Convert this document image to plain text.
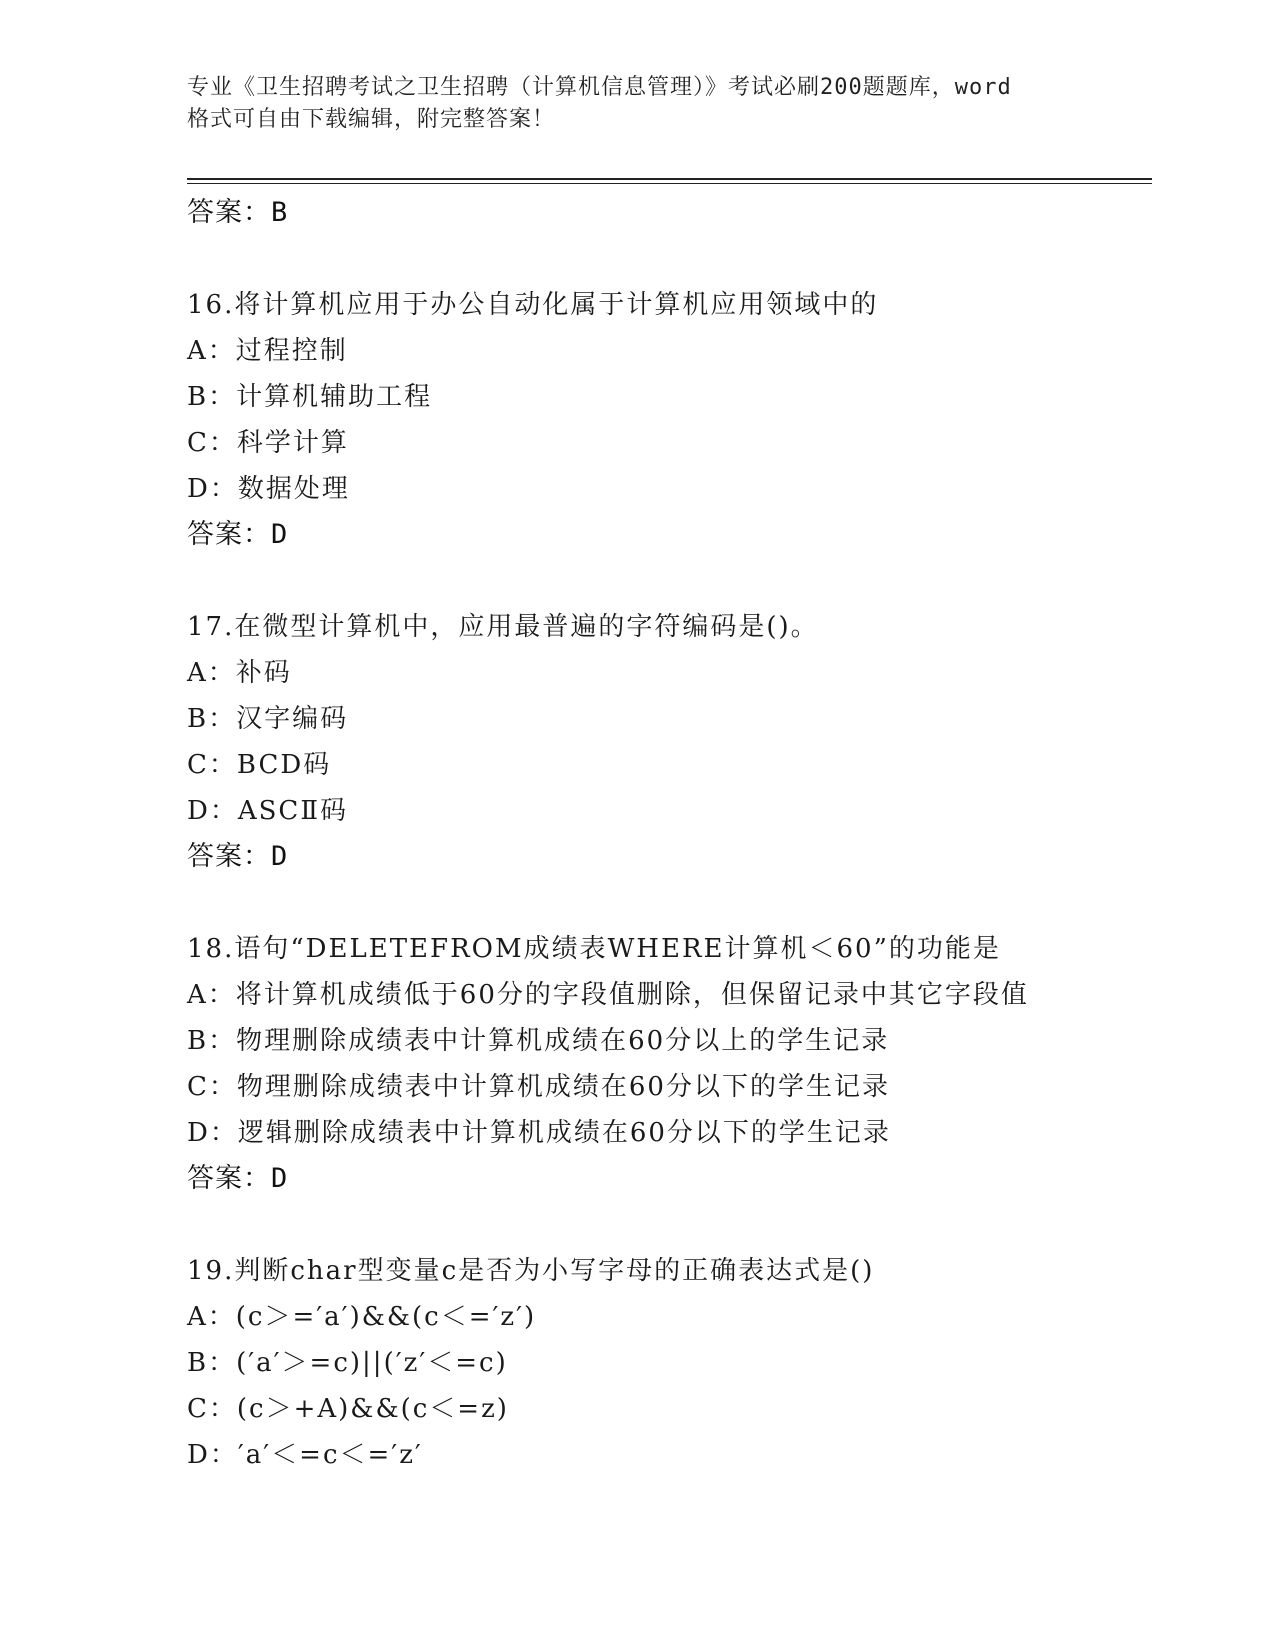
专业《卫生招聘考试之卫生招聘（计算机信息管理）》考试必刷200题题库，word

格式可自由下载编辑，附完整答案！

答案：B
16.将计算机应用于办公自动化属于计算机应用领域中的
A：过程控制
B：计算机辅助工程
C：科学计算
D：数据处理
答案：D
17.在微型计算机中，应用最普遍的字符编码是()。
A：补码
B：汉字编码
C：BCD码
D：ASCⅡ码
答案：D
18.语句“DELETEFROM成绩表WHERE计算机＜60”的功能是
A：将计算机成绩低于60分的字段值删除，但保留记录中其它字段值
B：物理删除成绩表中计算机成绩在60分以上的学生记录
C：物理删除成绩表中计算机成绩在60分以下的学生记录
D：逻辑删除成绩表中计算机成绩在60分以下的学生记录
答案：D
19.判断char型变量c是否为小写字母的正确表达式是()
A：(c＞=′a′)&&(c＜=′z′)
B：(′a′＞=c)||(′z′＜=c)
C：(c＞+A)&&(c＜=z)
D：′a′＜=c＜=′z′
